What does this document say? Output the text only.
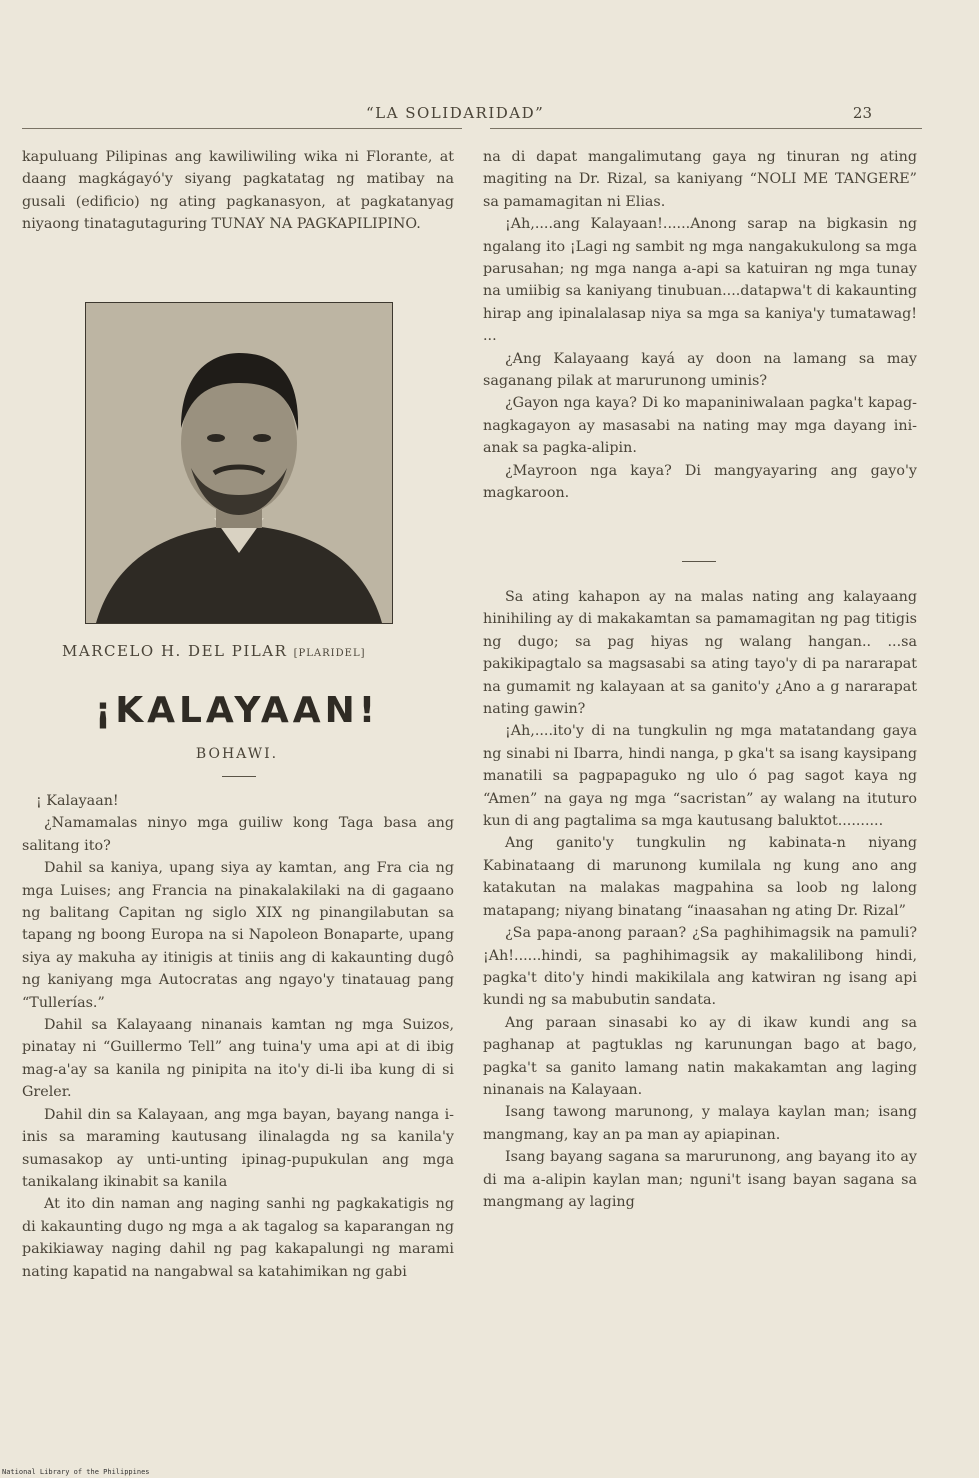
“LA SOLIDARIDAD”	23

kapuluang Pilipinas ang kawiliwiling wika ni Florante, at daang magkágayó'y siyang pagkatatag ng matibay na gusali (edificio) ng ating pagkanasyon, at pagkatanyag niyaong tinatagutaguring TUNAY NA PAGKAPILIPINO.

MARCELO H. DEL PILAR [PLARIDEL]
¡KALAYAAN!
BOHAWI.

¡ Kalayaan!

¿Namamalas ninyo mga guiliw kong Taga basa ang salitang ito?

Dahil sa kaniya, upang siya ay kamtan, ang Fra cia ng mga Luises; ang Francia na pinakalakilaki na di gagaano ng balitang Capitan ng siglo XIX ng pinangilabutan sa tapang ng boong Europa na si Napoleon Bonaparte, upang siya ay makuha ay itinigis at tiniis ang di kakaunting dugô ng kaniyang mga Autocratas ang ngayo'y tinatauag pang “Tullerías.”

Dahil sa Kalayaang ninanais kamtan ng mga Suizos, pinatay ni “Guillermo Tell” ang tuina'y uma api at di ibig mag-a'ay sa kanila ng pinipita na ito'y di-li iba kung di si Greler.

Dahil din sa Kalayaan, ang mga bayan, bayang nanga i-inis sa maraming kautusang ilinalagda ng sa kanila'y sumasakop ay unti-unting ipinag-pupukulan ang mga tanikalang ikinabit sa kanila

At ito din naman ang naging sanhi ng pagkakatigis ng di kakaunting dugo ng mga a ak tagalog sa kaparangan ng pakikiaway naging dahil ng pag kakapalungi ng marami nating kapatid na nangabwal sa katahimikan ng gabi

na di dapat mangalimutang gaya ng tinuran ng ating magiting na Dr. Rizal, sa kaniyang “NOLI ME TANGERE” sa pamamagitan ni Elias.

¡Ah,....ang Kalayaan!......Anong sarap na bigkasin ng ngalang ito ¡Lagi ng sambit ng mga nangakukulong sa mga parusahan; ng mga nanga a-api sa katuiran ng mga tunay na umiibig sa kaniyang tinubuan....datapwa't di kakaunting hirap ang ipinalalasap niya sa mga sa kaniya'y tumatawag! ...

¿Ang Kalayaang kayá ay doon na lamang sa may saganang pilak at marurunong uminis?

¿Gayon nga kaya? Di ko mapaniniwalaan pagka't kapag-nagkagayon ay masasabi na nating may mga dayang ini-anak sa pagka-alipin.

¿Mayroon nga kaya? Di mangyayaring ang gayo'y magkaroon.

Sa ating kahapon ay na malas nating ang kalayaang hinihiling ay di makakamtan sa pamamagitan ng pag titigis ng dugo; sa pag hiyas ng walang hangan.. ...sa pakikipagtalo sa magsasabi sa ating tayo'y di pa nararapat na gumamit ng kalayaan at sa ganito'y ¿Ano a g nararapat nating gawin?

¡Ah,....ito'y di na tungkulin ng mga matatandang gaya ng sinabi ni Ibarra, hindi nanga, p gka't sa isang kaysipang manatili sa pagpapaguko ng ulo ó pag sagot kaya ng “Amen” na gaya ng mga “sacristan” ay walang na ituturo kun di ang pagtalima sa mga kautusang baluktot..........

Ang ganito'y tungkulin ng kabinata-n niyang Kabinataang di marunong kumilala ng kung ano ang katakutan na malakas magpahina sa loob ng lalong matapang; niyang binatang “inaasahan ng ating Dr. Rizal”

¿Sa papa-anong paraan? ¿Sa paghihimagsik na pamuli? ¡Ah!......hindi, sa paghihimagsik ay makalilibong hindi, pagka't dito'y hindi makikilala ang katwiran ng isang api kundi ng sa mabubutin sandata.

Ang paraan sinasabi ko ay di ikaw kundi ang sa paghanap at pagtuklas ng karunungan bago at bago, pagka't sa ganito lamang natin makakamtan ang laging ninanais na Kalayaan.

Isang tawong marunong, y malaya kaylan man; isang mangmang, kay an pa man ay apiapinan.

Isang bayang sagana sa marurunong, ang bayang ito ay di ma a-alipin kaylan man; nguni't isang bayan sagana sa mangmang ay laging

National Library of the Philippines
